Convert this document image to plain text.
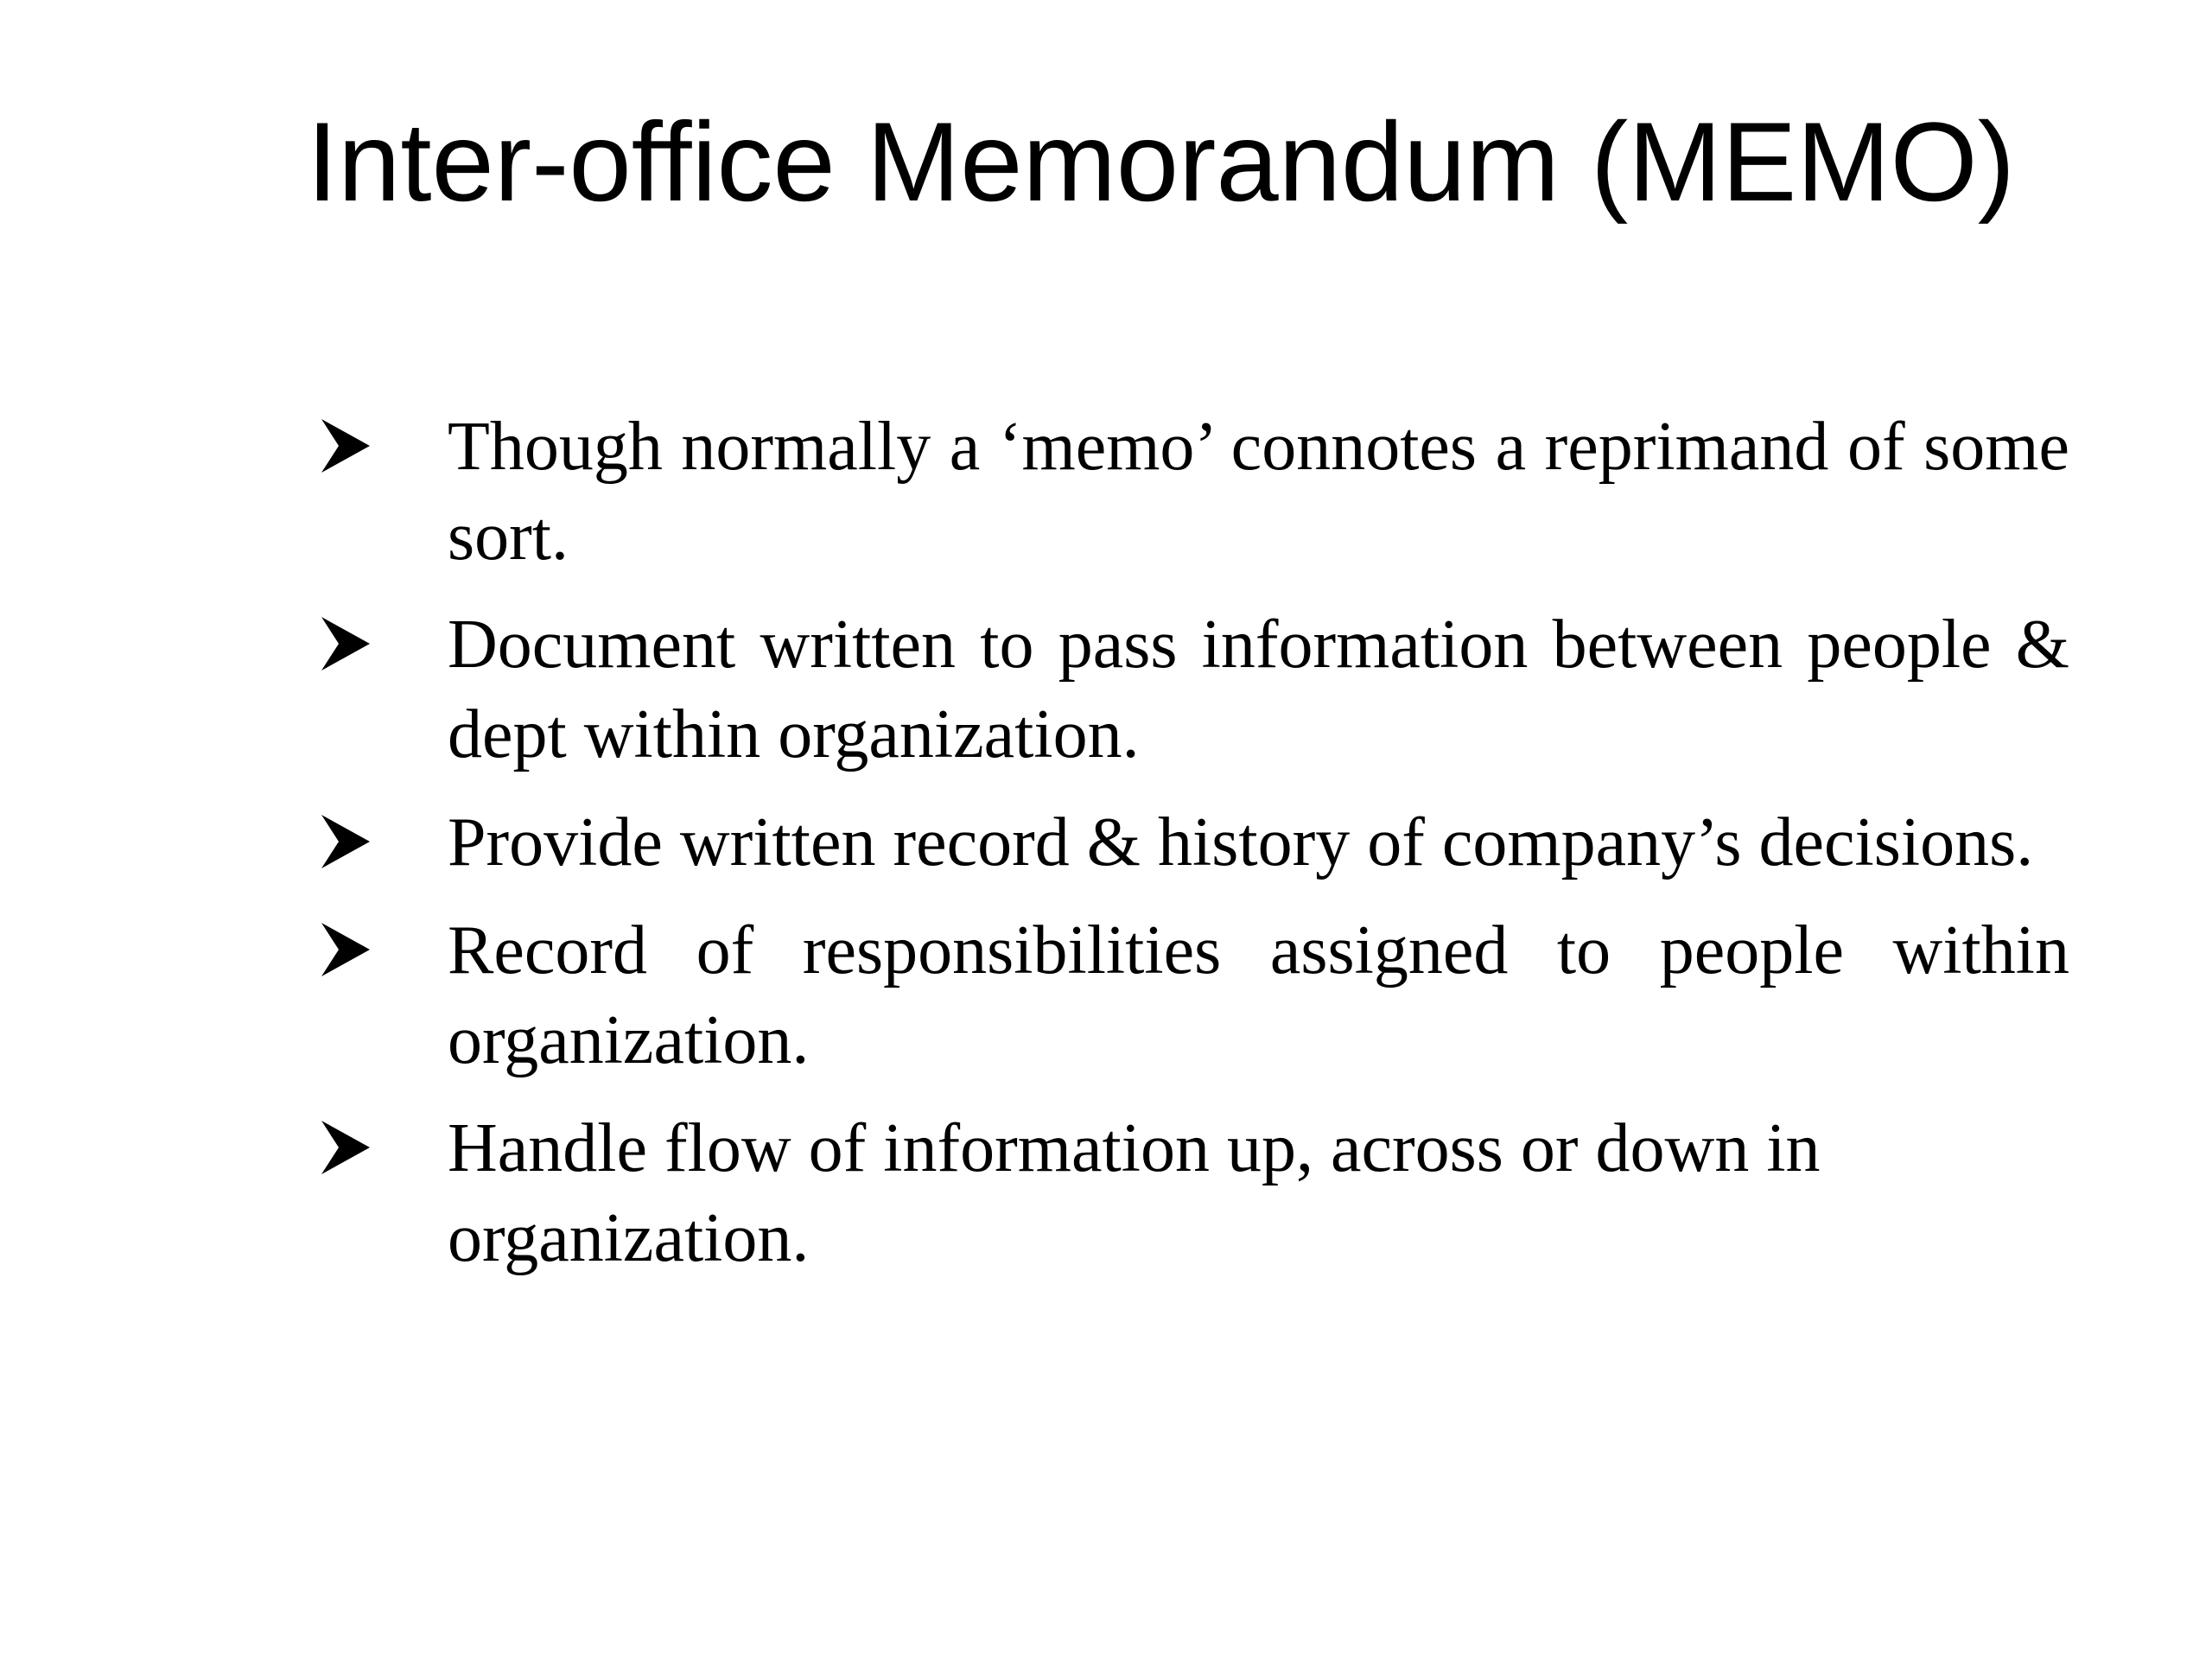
Inter-office Memorandum (MEMO)
Though normally a ‘memo’ connotes a reprimand of some sort.
Document written to pass information between people & dept within organization.
Provide written record & history of company’s decisions.
Record of responsibilities assigned to people within organization.
Handle flow of information up, across or down in organization.
